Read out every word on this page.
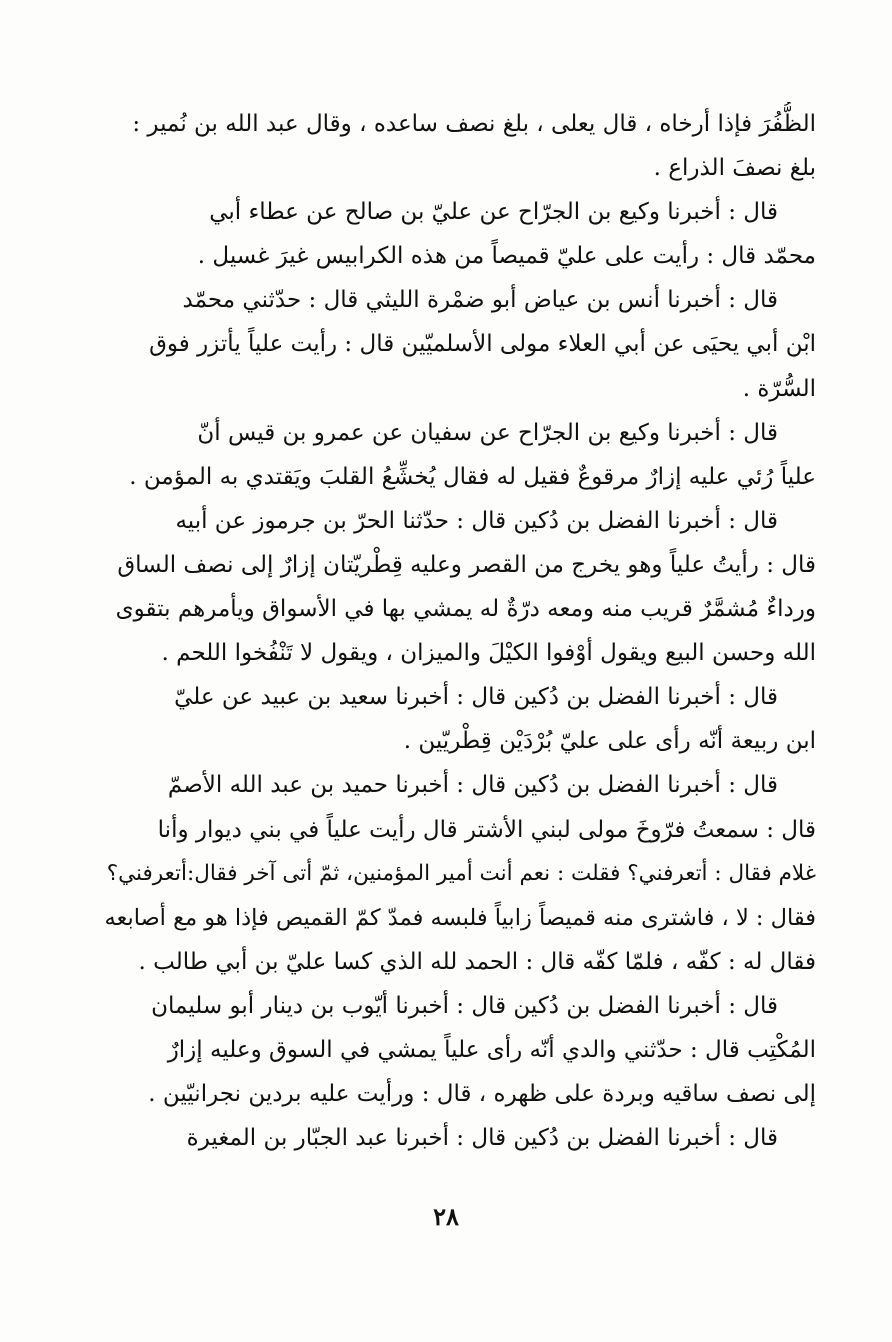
الظُّفُرَ فإذا أرخاه ، قال يعلى ، بلغ نصف ساعده ، وقال عبد الله بن نُمير :
بلغ نصفَ الذراع .
قال : أخبرنا وكيع بن الجرّاح عن عليّ بن صالح عن عطاء أبي
محمّد قال : رأيت على عليّ قميصاً من هذه الكرابيس غيرَ غسيل .
قال : أخبرنا أنس بن عياض أبو ضمْرة الليثي قال : حدّثني محمّد
ابْن أبي يحيَى عن أبي العلاء مولى الأسلميّين قال : رأيت علياً يأتزر فوق
السُّرّة .
قال : أخبرنا وكيع بن الجرّاح عن سفيان عن عمرو بن قيس أنّ
علياً رُئي عليه إزارٌ مرقوعٌ فقيل له فقال يُخشِّعُ القلبَ ويَقتدي به المؤمن .
قال : أخبرنا الفضل بن دُكين قال : حدّثنا الحرّ بن جرموز عن أبيه
قال : رأيتُ علياً وهو يخرج من القصر وعليه قِطْريّتان إزارٌ إلى نصف الساق
ورداءٌ مُشمَّرٌ قريب منه ومعه درّةٌ له يمشي بها في الأسواق ويأمرهم بتقوى
الله وحسن البيع ويقول أوْفوا الكيْلَ والميزان ، ويقول لا تَنْفُخوا اللحم .
قال : أخبرنا الفضل بن دُكين قال : أخبرنا سعيد بن عبيد عن عليّ
ابن ربيعة أنّه رأى على عليّ بُرْدَيْن قِطْريّين .
قال : أخبرنا الفضل بن دُكين قال : أخبرنا حميد بن عبد الله الأصمّ
قال : سمعتُ فرّوخَ مولى لبني الأشتر قال رأيت علياً في بني ديوار وأنا
غلام فقال : أتعرفني؟ فقلت : نعم أنت أمير المؤمنين، ثمّ أتى آخر فقال:أتعرفني؟
فقال : لا ، فاشترى منه قميصاً زابياً فلبسه فمدّ كمّ القميص فإذا هو مع أصابعه
فقال له : كفّه ، فلمّا كفّه قال : الحمد لله الذي كسا عليّ بن أبي طالب .
قال : أخبرنا الفضل بن دُكين قال : أخبرنا أيّوب بن دينار أبو سليمان
المُكْتِب قال : حدّثني والدي أنّه رأى علياً يمشي في السوق وعليه إزارٌ
إلى نصف ساقيه وبردة على ظهره ، قال : ورأيت عليه بردين نجرانيّين .
قال : أخبرنا الفضل بن دُكين قال : أخبرنا عبد الجبّار بن المغيرة
٢٨
